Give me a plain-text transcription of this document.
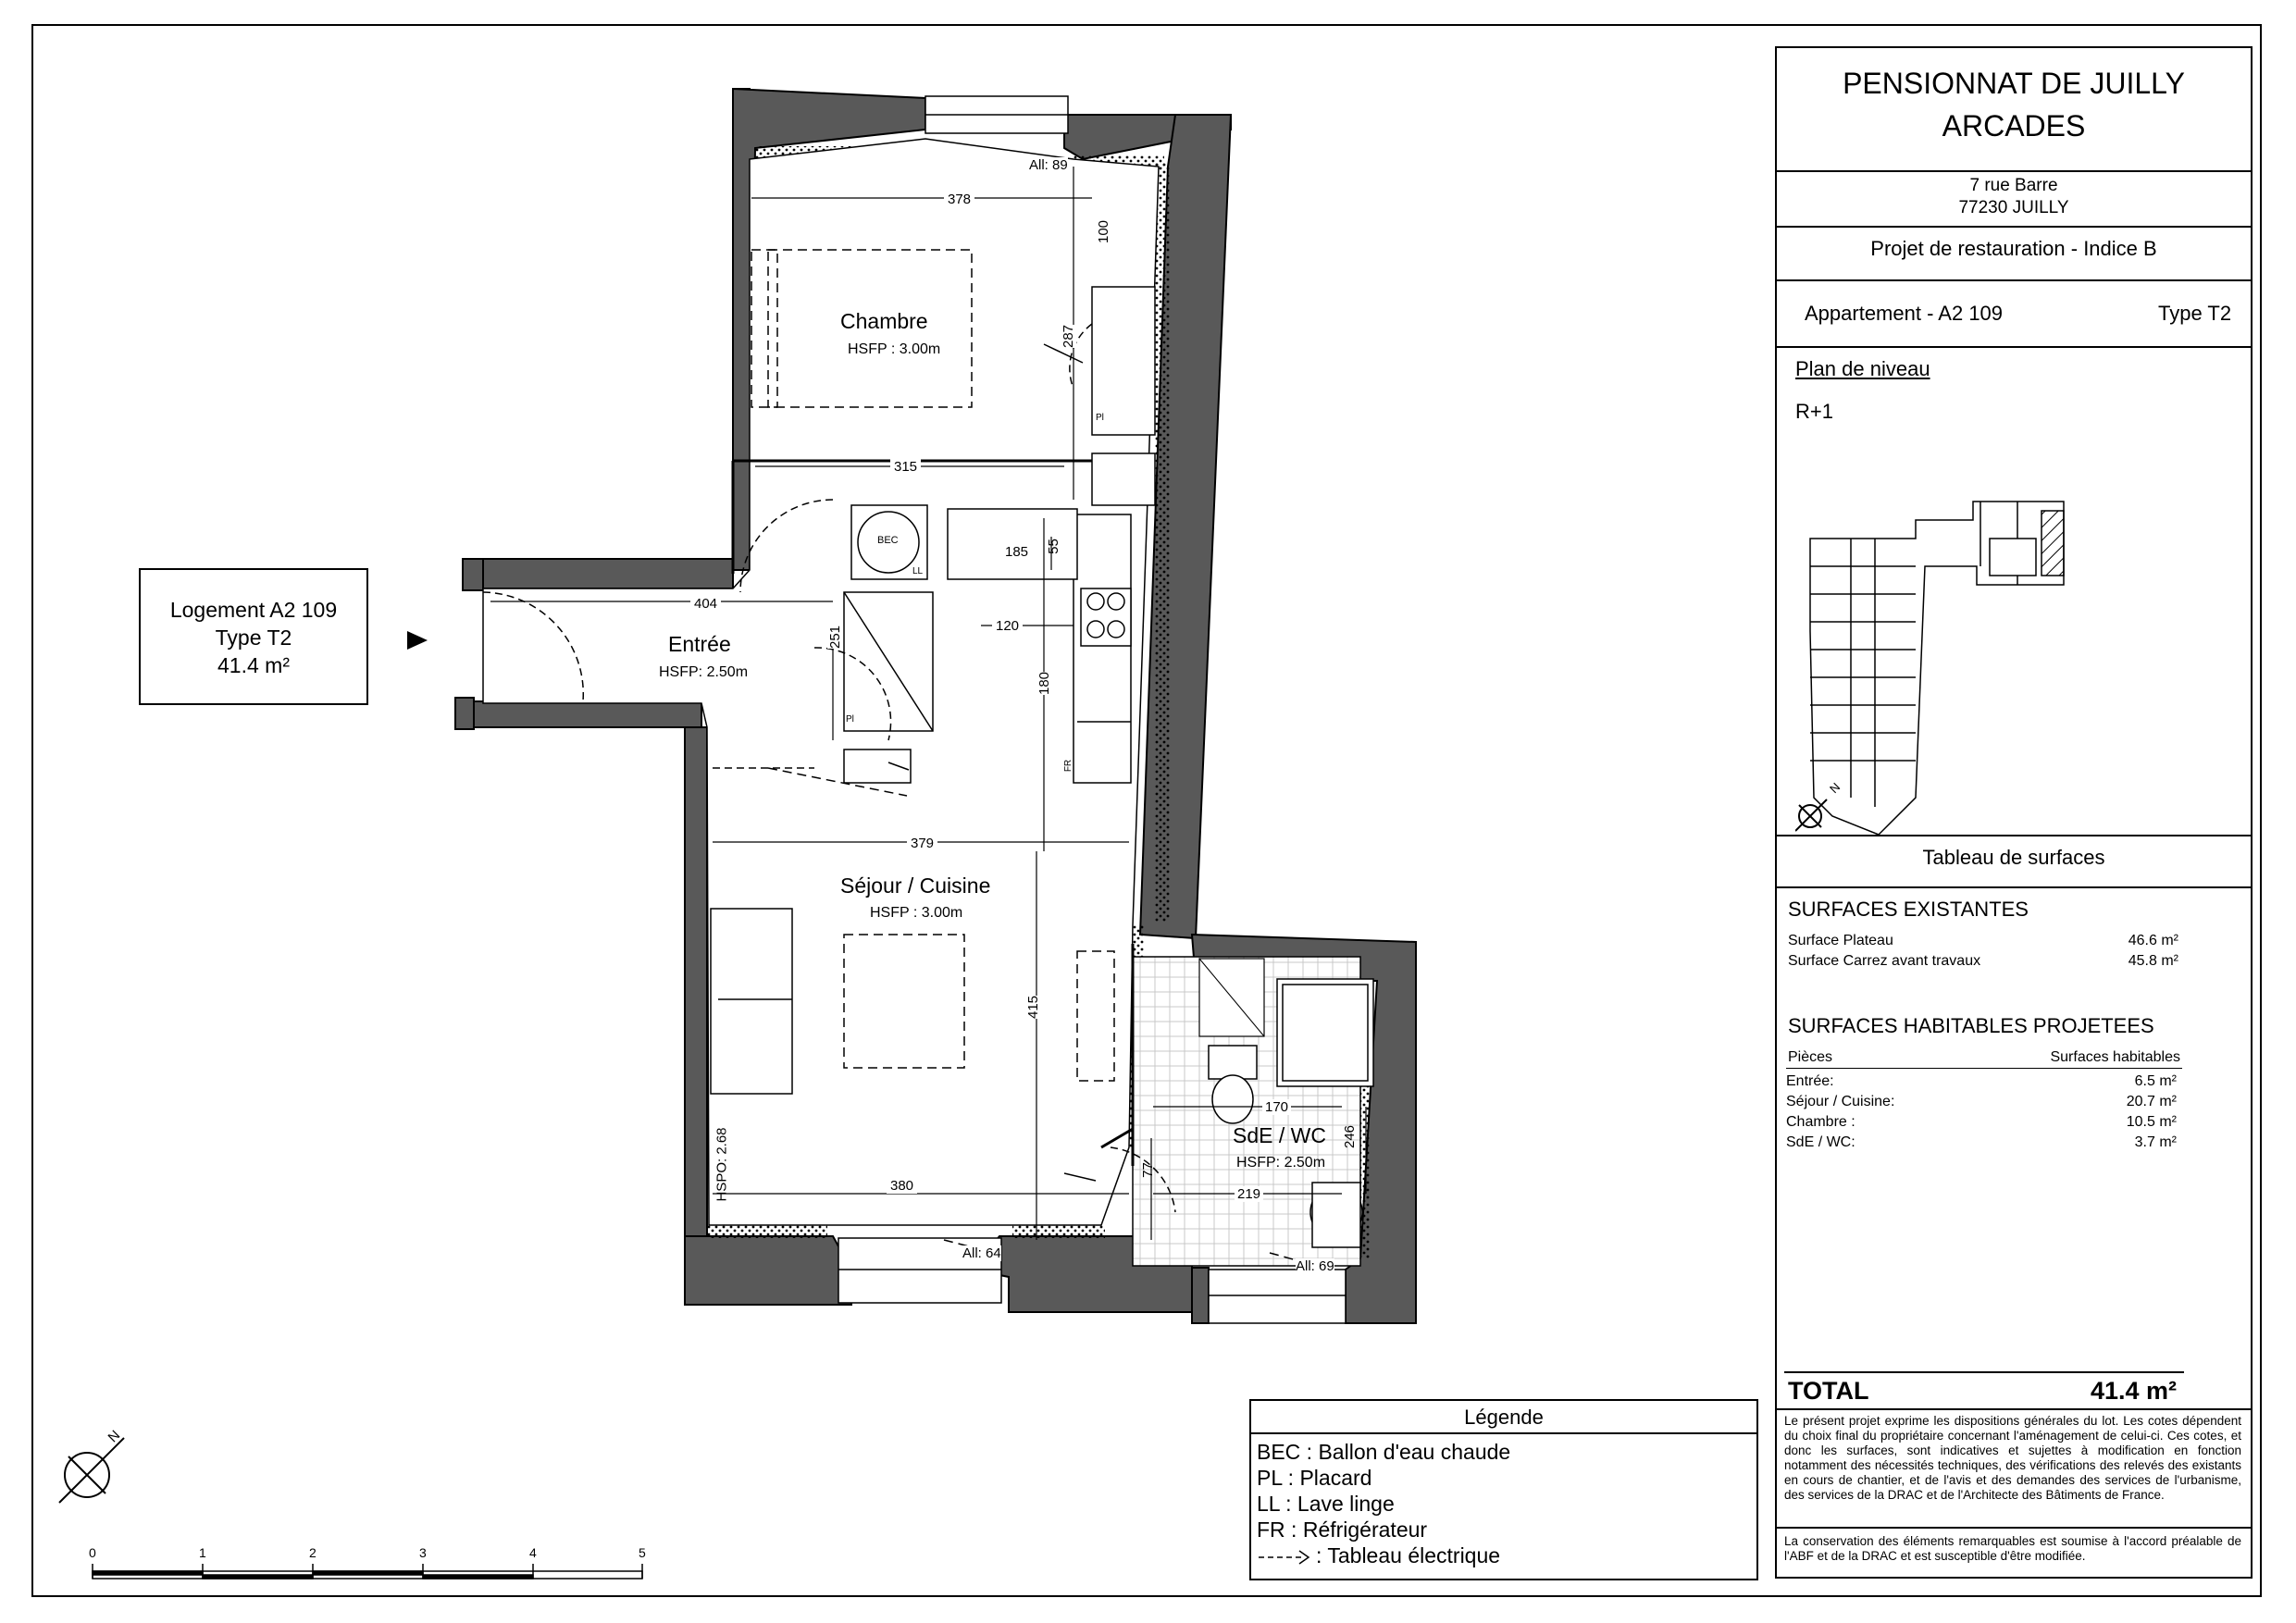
Chambre
HSFP : 3.00m
Entrée
HSFP: 2.50m
Séjour / Cuisine
HSFP : 3.00m
SdE / WC
HSFP: 2.50m
378
All: 89
100
287
315
404
251	120
185 55
180
379
415
380
HSPO: 2.68
All: 64
170
246
77
219
All: 69
BEC
LL
Pl
Pl
FR
N
0	1	2	3	4	5
Logement A2 109
Type T2
41.4 m²
Légende
BEC : Ballon d'eau chaude
PL : Placard
LL : Lave linge
FR : Réfrigérateur
: Tableau électrique
PENSIONNAT DE JUILLY
ARCADES
7 rue Barre
77230 JUILLY
Projet de restauration - Indice B
Appartement - A2 109	Type T2
Plan de niveau
R+1
N
Tableau de surfaces
SURFACES EXISTANTES
Surface Plateau	46.6 m²
Surface Carrez avant travaux	45.8 m²
SURFACES HABITABLES PROJETEES
Pièces	Surfaces habitables
Entrée:	6.5 m²
Séjour / Cuisine:	20.7 m²
Chambre :	10.5 m²
SdE / WC:	3.7 m²
TOTAL	41.4 m²
Le présent projet exprime les dispositions générales du lot. Les cotes dépendent du choix final du propriétaire concernant l'aménagement de celui-ci. Ces cotes, et donc les surfaces, sont indicatives et sujettes à modification en fonction notamment des nécessités techniques, des vérifications des relevés des existants en cours de chantier, et de l'avis et des demandes des services de l'urbanisme, des services de la DRAC et de l'Architecte des Bâtiments de France.
La conservation des éléments remarquables est soumise à l'accord préalable de l'ABF et de la DRAC et est susceptible d'être modifiée.
